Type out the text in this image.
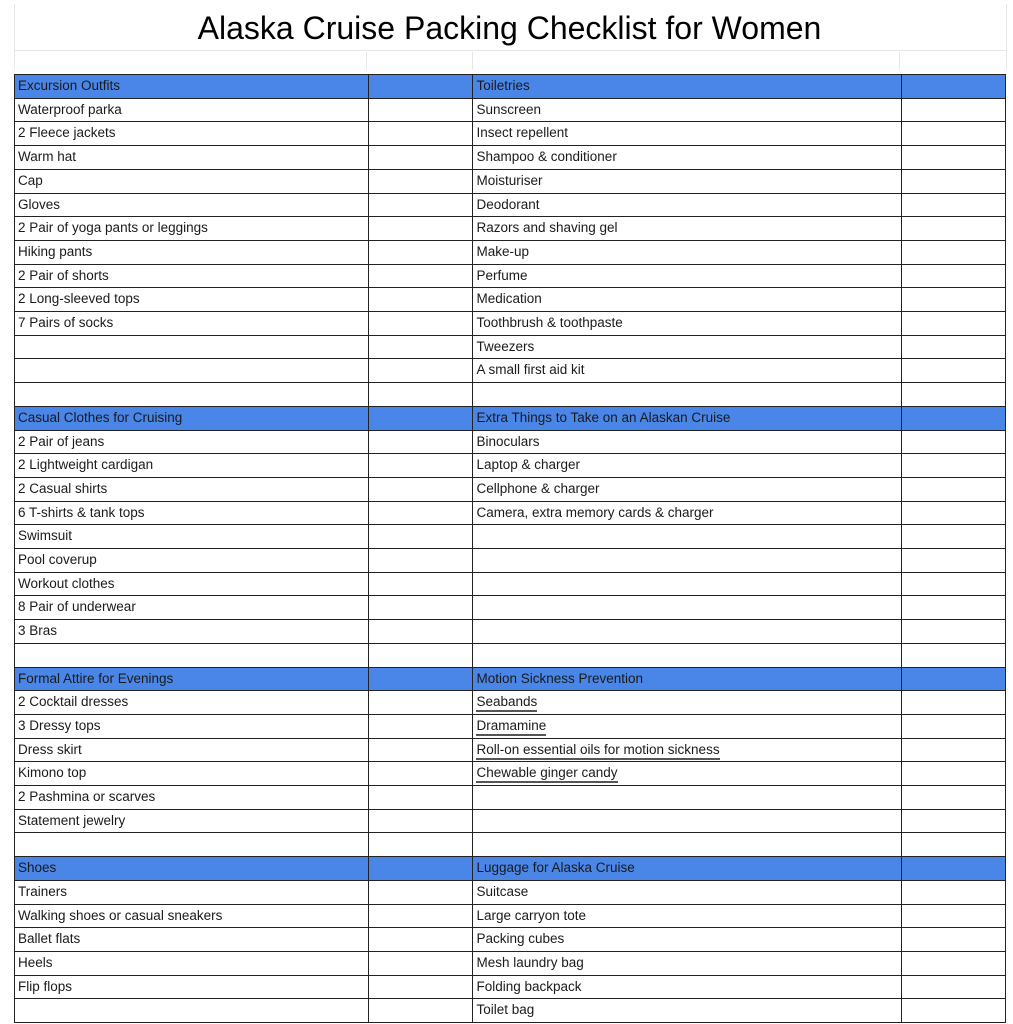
Alaska Cruise Packing Checklist for Women
Excursion Outfits		Toiletries	
Waterproof parka		Sunscreen	
2 Fleece jackets		Insect repellent	
Warm hat		Shampoo & conditioner	
Cap		Moisturiser	
Gloves		Deodorant	
2 Pair of yoga pants or leggings		Razors and shaving gel	
Hiking pants		Make-up	
2 Pair of shorts		Perfume	
2 Long-sleeved tops		Medication	
7 Pairs of socks		Toothbrush & toothpaste	
		Tweezers	
		A small first aid kit	

Casual Clothes for Cruising		Extra Things to Take on an Alaskan Cruise	
2 Pair of jeans		Binoculars	
2 Lightweight cardigan		Laptop & charger	
2 Casual shirts		Cellphone & charger	
6 T-shirts & tank tops		Camera, extra memory cards & charger	
Swimsuit			
Pool coverup			
Workout clothes			
8 Pair of underwear			
3 Bras			

Formal Attire for Evenings		Motion Sickness Prevention	
2 Cocktail dresses		Seabands	
3 Dressy tops		Dramamine	
Dress skirt		Roll-on essential oils for motion sickness	
Kimono top		Chewable ginger candy	
2 Pashmina or scarves			
Statement jewelry			

Shoes		Luggage for Alaska Cruise	
Trainers		Suitcase	
Walking shoes or casual sneakers		Large carryon tote	
Ballet flats		Packing cubes	
Heels		Mesh laundry bag	
Flip flops		Folding backpack	
		Toilet bag	
